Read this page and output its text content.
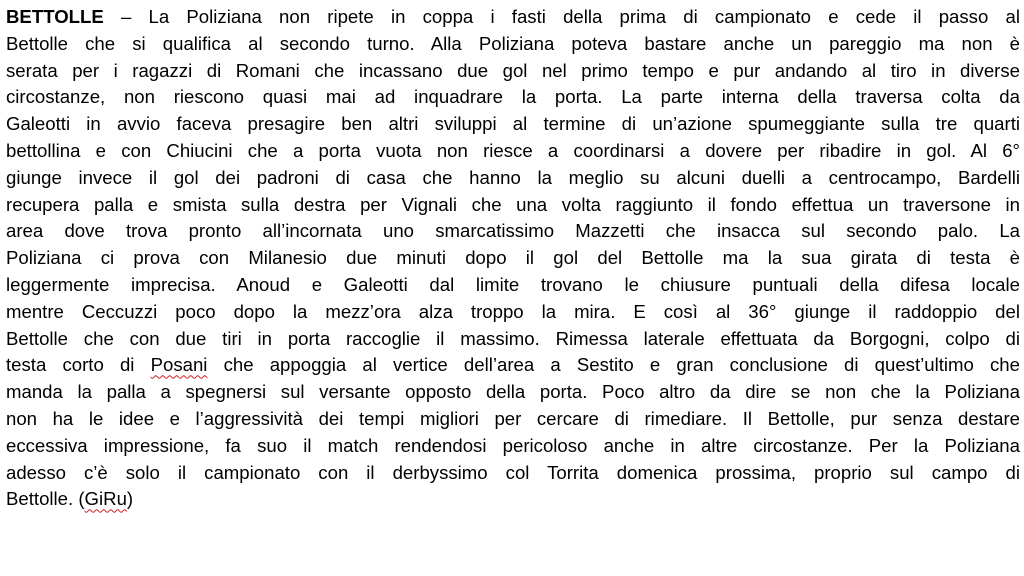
BETTOLLE – La Poliziana non ripete in coppa i fasti della prima di campionato e cede il passo al
Bettolle che si qualifica al secondo turno. Alla Poliziana poteva bastare anche un pareggio ma non è
serata per i ragazzi di Romani che incassano due gol nel primo tempo e pur andando al tiro in diverse
circostanze, non riescono quasi mai ad inquadrare la porta. La parte interna della traversa colta da
Galeotti in avvio faceva presagire ben altri sviluppi al termine di un’azione spumeggiante sulla tre quarti
bettollina e con Chiucini che a porta vuota non riesce a coordinarsi a dovere per ribadire in gol. Al 6°
giunge invece il gol dei padroni di casa che hanno la meglio su alcuni duelli a centrocampo, Bardelli
recupera palla e smista sulla destra per Vignali che una volta raggiunto il fondo effettua un traversone in
area dove trova pronto all’incornata uno smarcatissimo Mazzetti che insacca sul secondo palo. La
Poliziana ci prova con Milanesio due minuti dopo il gol del Bettolle ma la sua girata di testa è
leggermente imprecisa. Anoud e Galeotti dal limite trovano le chiusure puntuali della difesa locale
mentre Ceccuzzi poco dopo la mezz’ora alza troppo la mira. E così al 36° giunge il raddoppio del
Bettolle che con due tiri in porta raccoglie il massimo. Rimessa laterale effettuata da Borgogni, colpo di
testa corto di Posani che appoggia al vertice dell’area a Sestito e gran conclusione di quest’ultimo che
manda la palla a spegnersi sul versante opposto della porta. Poco altro da dire se non che la Poliziana
non ha le idee e l’aggressività dei tempi migliori per cercare di rimediare. Il Bettolle, pur senza destare
eccessiva impressione, fa suo il match rendendosi pericoloso anche in altre circostanze. Per la Poliziana
adesso c’è solo il campionato con il derbyssimo col Torrita domenica prossima, proprio sul campo di
Bettolle. (GiRu)
